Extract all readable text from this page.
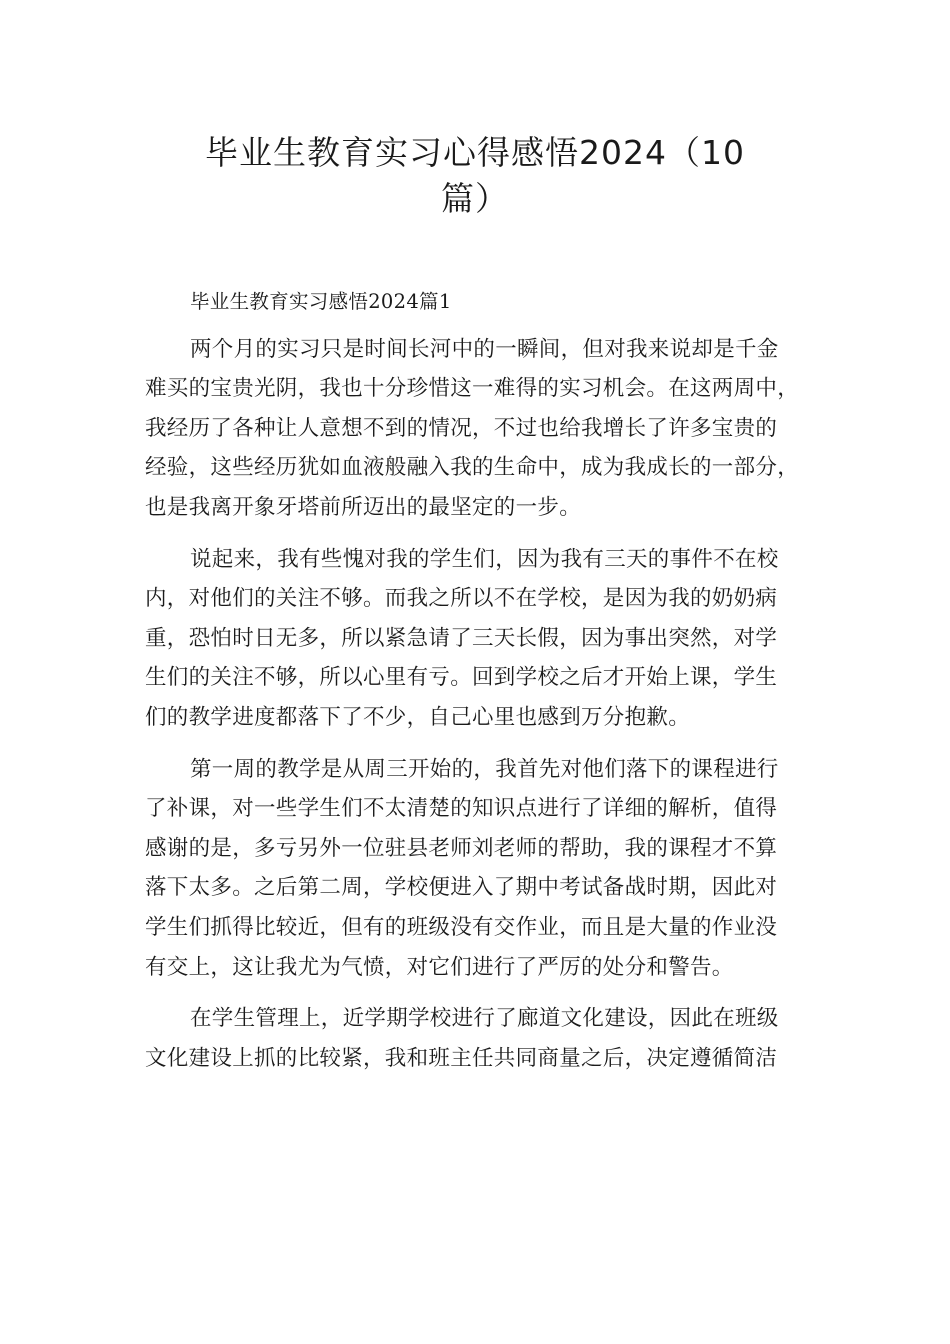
毕业生教育实习心得感悟2024（10
篇）

毕业生教育实习感悟2024篇1

两个月的实习只是时间长河中的一瞬间，但对我来说却是千金
难买的宝贵光阴，我也十分珍惜这一难得的实习机会。在这两周中，
我经历了各种让人意想不到的情况，不过也给我增长了许多宝贵的
经验，这些经历犹如血液般融入我的生命中，成为我成长的一部分，
也是我离开象牙塔前所迈出的最坚定的一步。

说起来，我有些愧对我的学生们，因为我有三天的事件不在校
内，对他们的关注不够。而我之所以不在学校，是因为我的奶奶病
重，恐怕时日无多，所以紧急请了三天长假，因为事出突然，对学
生们的关注不够，所以心里有亏。回到学校之后才开始上课，学生
们的教学进度都落下了不少，自己心里也感到万分抱歉。

第一周的教学是从周三开始的，我首先对他们落下的课程进行
了补课，对一些学生们不太清楚的知识点进行了详细的解析，值得
感谢的是，多亏另外一位驻县老师刘老师的帮助，我的课程才不算
落下太多。之后第二周，学校便进入了期中考试备战时期，因此对
学生们抓得比较近，但有的班级没有交作业，而且是大量的作业没
有交上，这让我尤为气愤，对它们进行了严厉的处分和警告。

在学生管理上，近学期学校进行了廊道文化建设，因此在班级
文化建设上抓的比较紧，我和班主任共同商量之后，决定遵循简洁
